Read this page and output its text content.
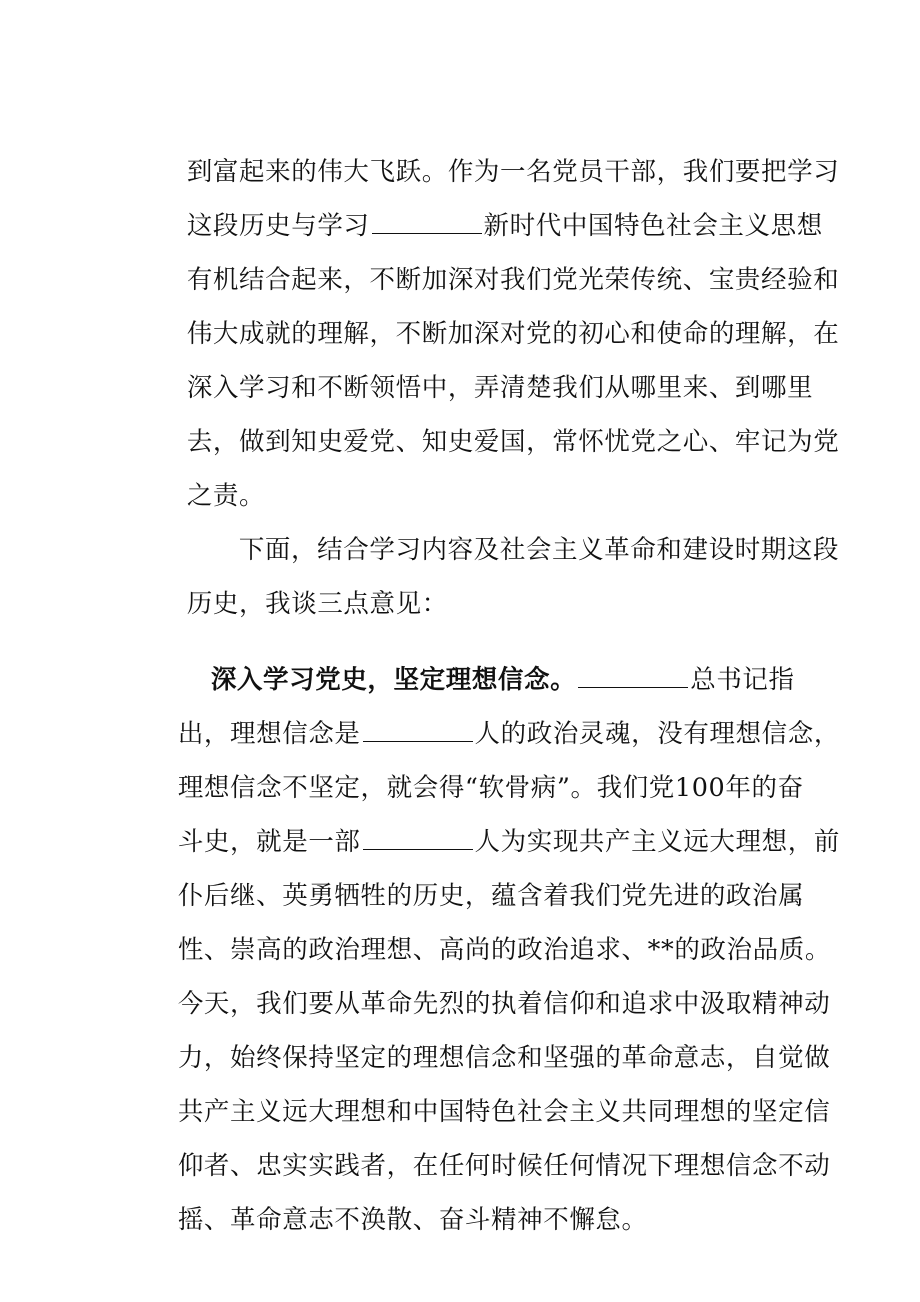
到富起来的伟大飞跃。作为一名党员干部，我们要把学习

这段历史与学习	新时代中国特色社会主义思想

有机结合起来，不断加深对我们党光荣传统、宝贵经验和

伟大成就的理解，不断加深对党的初心和使命的理解，在

深入学习和不断领悟中，弄清楚我们从哪里来、到哪里

去，做到知史爱党、知史爱国，常怀忧党之心、牢记为党

之责。

下面，结合学习内容及社会主义革命和建设时期这段

历史，我谈三点意见：

深入学习党史，坚定理想信念。	总书记指

出，理想信念是	人的政治灵魂，没有理想信念，

理想信念不坚定，就会得“软骨病”。我们党100年的奋

斗史，就是一部	人为实现共产主义远大理想，前

仆后继、英勇牺牲的历史，蕴含着我们党先进的政治属

性、崇高的政治理想、高尚的政治追求、**的政治品质。

今天，我们要从革命先烈的执着信仰和追求中汲取精神动

力，始终保持坚定的理想信念和坚强的革命意志，自觉做

共产主义远大理想和中国特色社会主义共同理想的坚定信

仰者、忠实实践者，在任何时候任何情况下理想信念不动

摇、革命意志不涣散、奋斗精神不懈怠。
